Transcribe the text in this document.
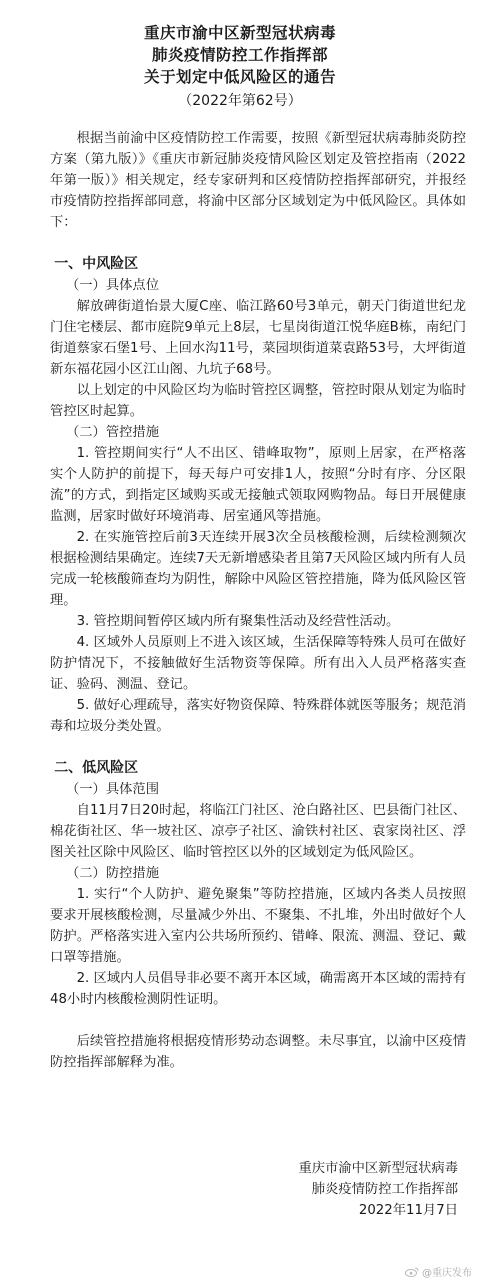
重庆市渝中区新型冠状病毒
肺炎疫情防控工作指挥部
关于划定中低风险区的通告
（2022年第62号）

根据当前渝中区疫情防控工作需要，按照《新型冠状病毒肺炎防控方案（第九版）》《重庆市新冠肺炎疫情风险区划定及管控指南（2022年第一版）》相关规定，经专家研判和区疫情防控指挥部研究，并报经市疫情防控指挥部同意，将渝中区部分区域划定为中低风险区。具体如下：

一、中风险区

（一）具体点位

解放碑街道怡景大厦C座、临江路60号3单元，朝天门街道世纪龙门住宅楼层、都市庭院9单元上8层，七星岗街道江悦华庭B栋，南纪门街道蔡家石堡1号、上回水沟11号，菜园坝街道菜袁路53号，大坪街道新东福花园小区江山阁、九坑子68号。

以上划定的中风险区均为临时管控区调整，管控时限从划定为临时管控区时起算。

（二）管控措施

1. 管控期间实行“人不出区、错峰取物”，原则上居家，在严格落实个人防护的前提下，每天每户可安排1人，按照“分时有序、分区限流”的方式，到指定区域购买或无接触式领取网购物品。每日开展健康监测，居家时做好环境消毒、居室通风等措施。

2. 在实施管控后前3天连续开展3次全员核酸检测，后续检测频次根据检测结果确定。连续7天无新增感染者且第7天风险区域内所有人员完成一轮核酸筛查均为阴性，解除中风险区管控措施，降为低风险区管理。

3. 管控期间暂停区域内所有聚集性活动及经营性活动。

4. 区域外人员原则上不进入该区域，生活保障等特殊人员可在做好防护情况下，不接触做好生活物资等保障。所有出入人员严格落实查证、验码、测温、登记。

5. 做好心理疏导，落实好物资保障、特殊群体就医等服务；规范消毒和垃圾分类处置。

二、低风险区

（一）具体范围

自11月7日20时起，将临江门社区、沧白路社区、巴县衙门社区、棉花街社区、华一坡社区、凉亭子社区、渝铁村社区、袁家岗社区、浮图关社区除中风险区、临时管控区以外的区域划定为低风险区。

（二）防控措施

1. 实行“个人防护、避免聚集”等防控措施，区域内各类人员按照要求开展核酸检测，尽量减少外出、不聚集、不扎堆，外出时做好个人防护。严格落实进入室内公共场所预约、错峰、限流、测温、登记、戴口罩等措施。

2. 区域内人员倡导非必要不离开本区域，确需离开本区域的需持有48小时内核酸检测阴性证明。

后续管控措施将根据疫情形势动态调整。未尽事宜，以渝中区疫情防控指挥部解释为准。

重庆市渝中区新型冠状病毒
肺炎疫情防控工作指挥部
2022年11月7日
@重庆发布
